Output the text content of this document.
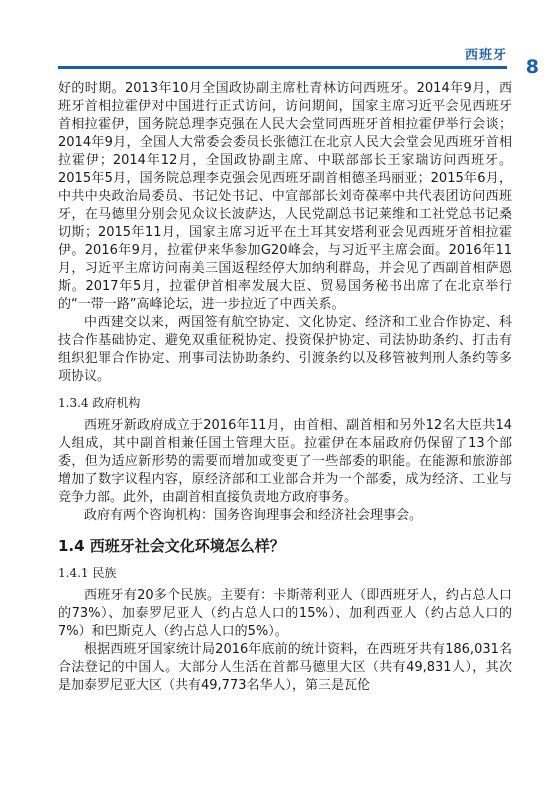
西班牙
8

好的时期。2013年10月全国政协副主席杜青林访问西班牙。2014年9月，西班牙首相拉霍伊对中国进行正式访问，访问期间，国家主席习近平会见西班牙首相拉霍伊，国务院总理李克强在人民大会堂同西班牙首相拉霍伊举行会谈；2014年9月，全国人大常委会委员长张德江在北京人民大会堂会见西班牙首相拉霍伊；2014年12月，全国政协副主席、中联部部长王家瑞访问西班牙。2015年5月，国务院总理李克强会见西班牙副首相德圣玛丽亚；2015年6月，中共中央政治局委员、书记处书记、中宣部部长刘奇葆率中共代表团访问西班牙，在马德里分别会见众议长波萨达，人民党副总书记莱维和工社党总书记桑切斯；2015年11月，国家主席习近平在土耳其安塔利亚会见西班牙首相拉霍伊。2016年9月，拉霍伊来华参加G20峰会，与习近平主席会面。2016年11月，习近平主席访问南美三国返程经停大加纳利群岛，并会见了西副首相萨恩斯。2017年5月，拉霍伊首相率发展大臣、贸易国务秘书出席了在北京举行的“一带一路”高峰论坛，进一步拉近了中西关系。

中西建交以来，两国签有航空协定、文化协定、经济和工业合作协定、科技合作基础协定、避免双重征税协定、投资保护协定、司法协助条约、打击有组织犯罪合作协定、刑事司法协助条约、引渡条约以及移管被判刑人条约等多项协议。

1.3.4 政府机构

西班牙新政府成立于2016年11月，由首相、副首相和另外12名大臣共14人组成，其中副首相兼任国土管理大臣。拉霍伊在本届政府仍保留了13个部委，但为适应新形势的需要而增加或变更了一些部委的职能。在能源和旅游部增加了数字议程内容，原经济部和工业部合并为一个部委，成为经济、工业与竞争力部。此外，由副首相直接负责地方政府事务。

政府有两个咨询机构：国务咨询理事会和经济社会理事会。

1.4 西班牙社会文化环境怎么样？
1.4.1 民族

西班牙有20多个民族。主要有：卡斯蒂利亚人（即西班牙人，约占总人口的73%）、加泰罗尼亚人（约占总人口的15%）、加利西亚人（约占总人口的7%）和巴斯克人（约占总人口的5%）。

根据西班牙国家统计局2016年底前的统计资料，在西班牙共有186,031名合法登记的中国人。大部分人生活在首都马德里大区（共有49,831人），其次是加泰罗尼亚大区（共有49,773名华人），第三是瓦伦
